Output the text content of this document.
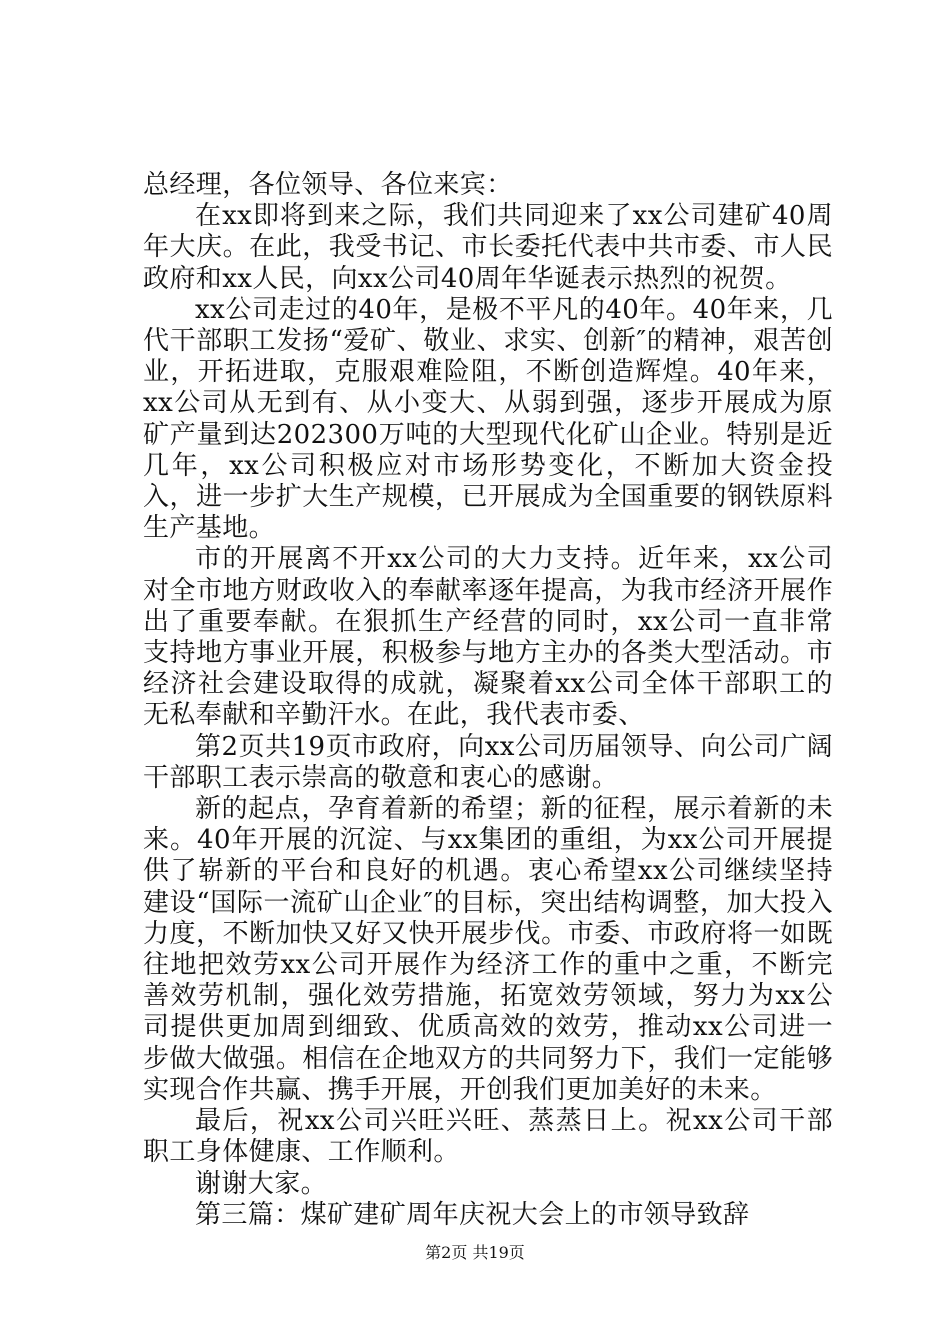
总经理，各位领导、各位来宾：

在xx即将到来之际，我们共同迎来了xx公司建矿40周年大庆。在此，我受书记、市长委托代表中共市委、市人民政府和xx人民，向xx公司40周年华诞表示热烈的祝贺。

xx公司走过的40年，是极不平凡的40年。40年来，几代干部职工发扬“爱矿、敬业、求实、创新″的精神，艰苦创业，开拓进取，克服艰难险阻，不断创造辉煌。40年来，xx公司从无到有、从小变大、从弱到强，逐步开展成为原矿产量到达202300万吨的大型现代化矿山企业。特别是近几年，xx公司积极应对市场形势变化，不断加大资金投入，进一步扩大生产规模，已开展成为全国重要的钢铁原料生产基地。

市的开展离不开xx公司的大力支持。近年来，xx公司对全市地方财政收入的奉献率逐年提高，为我市经济开展作出了重要奉献。在狠抓生产经营的同时，xx公司一直非常支持地方事业开展，积极参与地方主办的各类大型活动。市经济社会建设取得的成就，凝聚着xx公司全体干部职工的无私奉献和辛勤汗水。在此，我代表市委、

第2页共19页市政府，向xx公司历届领导、向公司广阔干部职工表示崇高的敬意和衷心的感谢。

新的起点，孕育着新的希望；新的征程，展示着新的未来。40年开展的沉淀、与xx集团的重组，为xx公司开展提供了崭新的平台和良好的机遇。衷心希望xx公司继续坚持建设“国际一流矿山企业″的目标，突出结构调整，加大投入力度，不断加快又好又快开展步伐。市委、市政府将一如既往地把效劳xx公司开展作为经济工作的重中之重，不断完善效劳机制，强化效劳措施，拓宽效劳领域，努力为xx公司提供更加周到细致、优质高效的效劳，推动xx公司进一步做大做强。相信在企地双方的共同努力下，我们一定能够实现合作共赢、携手开展，开创我们更加美好的未来。

最后，祝xx公司兴旺兴旺、蒸蒸日上。祝xx公司干部职工身体健康、工作顺利。

谢谢大家。

第三篇：煤矿建矿周年庆祝大会上的市领导致辞

第2页 共19页
